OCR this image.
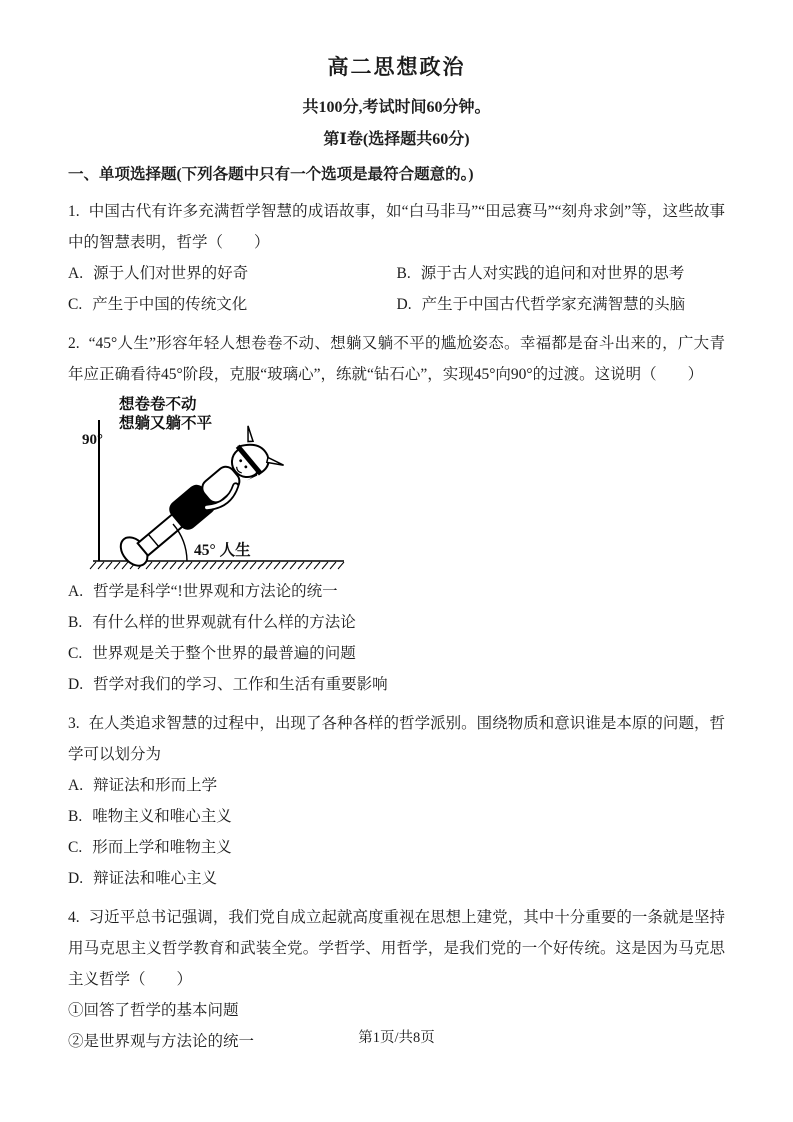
高二思想政治

共100分,考试时间60分钟。

第Ⅰ卷(选择题共60分)

一、单项选择题(下列各题中只有一个选项是最符合题意的。)

1. 中国古代有许多充满哲学智慧的成语故事，如“白马非马”“田忌赛马”“刻舟求剑”等，这些故事中的智慧表明，哲学（　　）

A. 源于人们对世界的好奇	B. 源于古人对实践的追问和对世界的思考
C. 产生于中国的传统文化	D. 产生于中国古代哲学家充满智慧的头脑

2. “45°人生”形容年轻人想卷卷不动、想躺又躺不平的尴尬姿态。幸福都是奋斗出来的，广大青年应正确看待45°阶段，克服“玻璃心”，练就“钻石心”，实现45°向90°的过渡。这说明（　　）

想卷卷不动
想躺又躺不平
90°
45° 人生
A. 哲学是科学“!世界观和方法论的统一
B. 有什么样的世界观就有什么样的方法论
C. 世界观是关于整个世界的最普遍的问题
D. 哲学对我们的学习、工作和生活有重要影响

3. 在人类追求智慧的过程中，出现了各种各样的哲学派别。围绕物质和意识谁是本原的问题，哲学可以划分为

A. 辩证法和形而上学
B. 唯物主义和唯心主义
C. 形而上学和唯物主义
D. 辩证法和唯心主义

4. 习近平总书记强调，我们党自成立起就高度重视在思想上建党，其中十分重要的一条就是坚持用马克思主义哲学教育和武装全党。学哲学、用哲学，是我们党的一个好传统。这是因为马克思主义哲学（　　）

①回答了哲学的基本问题

②是世界观与方法论的统一	第1页/共8页
